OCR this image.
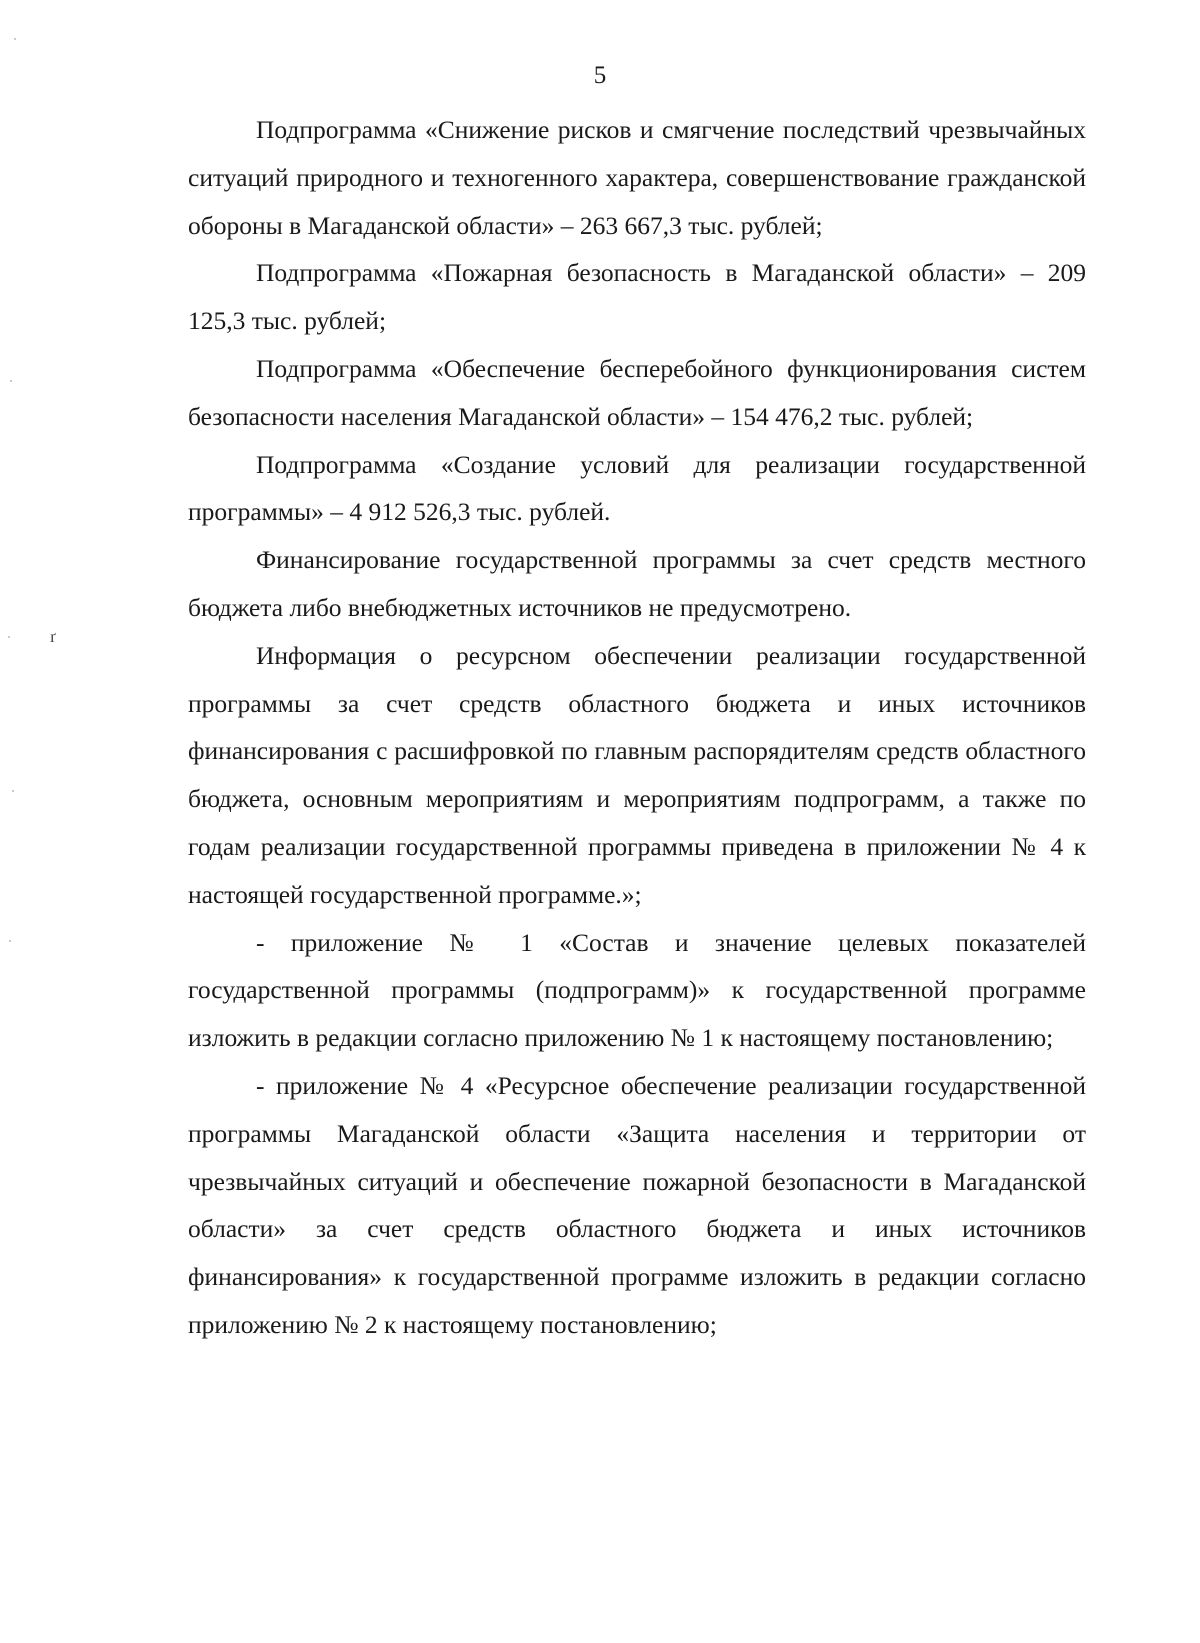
5
ґ

Подпрограмма «Снижение рисков и смягчение последствий чрезвычайных ситуаций природного и техногенного характера, совершенствование гражданской обороны в Магаданской области» – 263 667,3 тыс. рублей;

Подпрограмма «Пожарная безопасность в Магаданской области» – 209 125,3 тыс. рублей;

Подпрограмма «Обеспечение бесперебойного функционирования систем безопасности населения Магаданской области» – 154 476,2 тыс. рублей;

Подпрограмма «Создание условий для реализации государственной программы» – 4 912 526,3 тыс. рублей.

Финансирование государственной программы за счет средств местного бюджета либо внебюджетных источников не предусмотрено.

Информация о ресурсном обеспечении реализации государственной программы за счет средств областного бюджета и иных источников финансирования с расшифровкой по главным распорядителям средств областного бюджета, основным мероприятиям и мероприятиям подпрограмм, а также по годам реализации государственной программы приведена в приложении № 4 к настоящей государственной программе.»;

- приложение № 1 «Состав и значение целевых показателей государственной программы (подпрограмм)» к государственной программе изложить в редакции согласно приложению № 1 к настоящему постановлению;

- приложение № 4 «Ресурсное обеспечение реализации государственной программы Магаданской области «Защита населения и территории от чрезвычайных ситуаций и обеспечение пожарной безопасности в Магаданской области» за счет средств областного бюджета и иных источников финансирования» к государственной программе изложить в редакции согласно приложению № 2 к настоящему постановлению;
